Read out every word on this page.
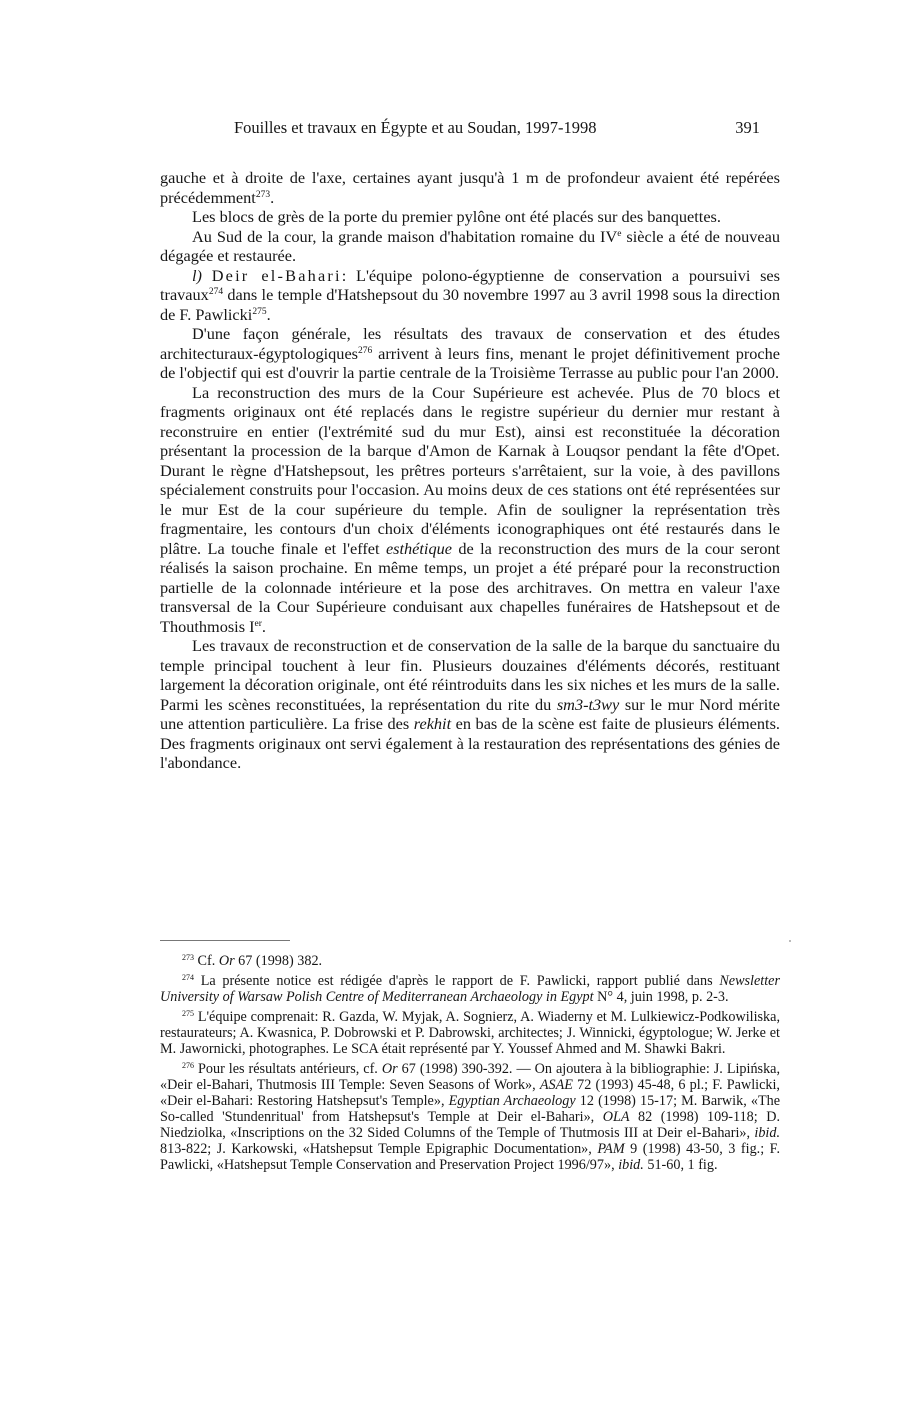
Fouilles et travaux en Égypte et au Soudan, 1997-1998	391

gauche et à droite de l'axe, certaines ayant jusqu'à 1 m de profondeur avaient été repérées précédemment$^{273}$.

Les blocs de grès de la porte du premier pylône ont été placés sur des banquettes.

Au Sud de la cour, la grande maison d'habitation romaine du IVe siècle a été de nouveau dégagée et restaurée.

l) Deir el-Bahari: L'équipe polono-égyptienne de conservation a poursuivi ses travaux$^{274}$ dans le temple d'Hatshepsout du 30 novembre 1997 au 3 avril 1998 sous la direction de F. Pawlicki$^{275}$.

D'une façon générale, les résultats des travaux de conservation et des études architecturaux-égyptologiques$^{276}$ arrivent à leurs fins, menant le projet définitivement proche de l'objectif qui est d'ouvrir la partie centrale de la Troisième Terrasse au public pour l'an 2000.

La reconstruction des murs de la Cour Supérieure est achevée. Plus de 70 blocs et fragments originaux ont été replacés dans le registre supérieur du dernier mur restant à reconstruire en entier (l'extrémité sud du mur Est), ainsi est reconstituée la décoration présentant la procession de la barque d'Amon de Karnak à Louqsor pendant la fête d'Opet. Durant le règne d'Hatshepsout, les prêtres porteurs s'arrêtaient, sur la voie, à des pavillons spécialement construits pour l'occasion. Au moins deux de ces stations ont été représentées sur le mur Est de la cour supérieure du temple. Afin de souligner la représentation très fragmentaire, les contours d'un choix d'éléments iconographiques ont été restaurés dans le plâtre. La touche finale et l'effet esthétique de la reconstruction des murs de la cour seront réalisés la saison prochaine. En même temps, un projet a été préparé pour la reconstruction partielle de la colonnade intérieure et la pose des architraves. On mettra en valeur l'axe transversal de la Cour Supérieure conduisant aux chapelles funéraires de Hatshepsout et de Thouthmosis Ier.

Les travaux de reconstruction et de conservation de la salle de la barque du sanctuaire du temple principal touchent à leur fin. Plusieurs douzaines d'éléments décorés, restituant largement la décoration originale, ont été réintroduits dans les six niches et les murs de la salle. Parmi les scènes reconstituées, la représentation du rite du sm3-t3wy sur le mur Nord mérite une attention particulière. La frise des rekhit en bas de la scène est faite de plusieurs éléments. Des fragments originaux ont servi également à la restauration des représentations des génies de l'abondance.

$^{273}$ Cf. Or 67 (1998) 382.

$^{274}$ La présente notice est rédigée d'après le rapport de F. Pawlicki, rapport publié dans Newsletter University of Warsaw Polish Centre of Mediterranean Archaeology in Egypt N° 4, juin 1998, p. 2-3.

$^{275}$ L'équipe comprenait: R. Gazda, W. Myjak, A. Sognierz, A. Wiaderny et M. Lulkiewicz-Podkowiliska, restaurateurs; A. Kwasnica, P. Dobrowski et P. Dabrowski, architectes; J. Winnicki, égyptologue; W. Jerke et M. Jawornicki, photographes. Le SCA était représenté par Y. Youssef Ahmed and M. Shawki Bakri.

$^{276}$ Pour les résultats antérieurs, cf. Or 67 (1998) 390-392. — On ajoutera à la bibliographie: J. Lipińska, «Deir el-Bahari, Thutmosis III Temple: Seven Seasons of Work», ASAE 72 (1993) 45-48, 6 pl.; F. Pawlicki, «Deir el-Bahari: Restoring Hatshepsut's Temple», Egyptian Archaeology 12 (1998) 15-17; M. Barwik, «The So-called 'Stundenritual' from Hatshepsut's Temple at Deir el-Bahari», OLA 82 (1998) 109-118; D. Niedziolka, «Inscriptions on the 32 Sided Columns of the Temple of Thutmosis III at Deir el-Bahari», ibid. 813-822; J. Karkowski, «Hatshepsut Temple Epigraphic Documentation», PAM 9 (1998) 43-50, 3 fig.; F. Pawlicki, «Hatshepsut Temple Conservation and Preservation Project 1996/97», ibid. 51-60, 1 fig.
